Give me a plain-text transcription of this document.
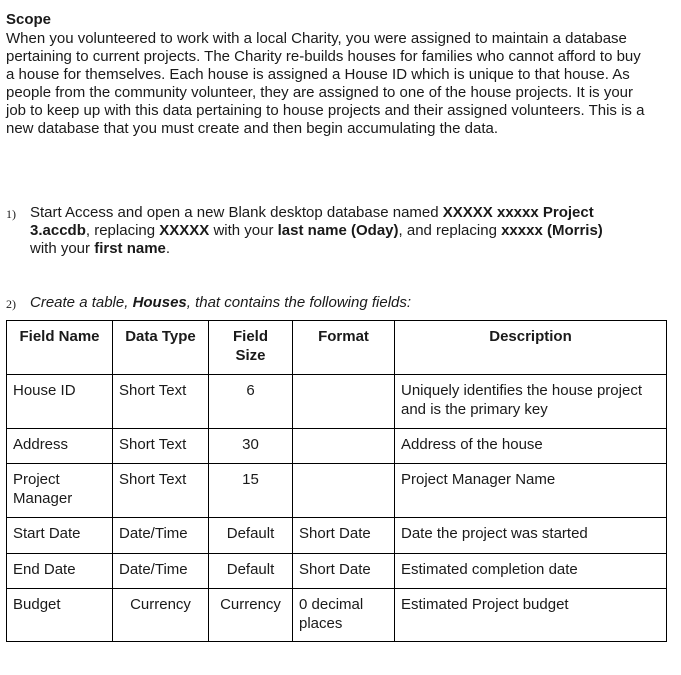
Scope
When you volunteered to work with a local Charity, you were assigned to maintain a database pertaining to current projects. The Charity re-builds houses for families who cannot afford to buy a house for themselves. Each house is assigned a House ID which is unique to that house. As people from the community volunteer, they are assigned to one of the house projects. It is your job to keep up with this data pertaining to house projects and their assigned volunteers. This is a new database that you must create and then begin accumulating the data.
1) Start Access and open a new Blank desktop database named XXXXX xxxxx Project 3.accdb, replacing XXXXX with your last name (Oday), and replacing xxxxx (Morris) with your first name.
2) Create a table, Houses, that contains the following fields:
Field Name	Data Type	Field Size	Format	Description

House ID	Short Text	6		Uniquely identifies the house project and is the primary key

Address	Short Text	30		Address of the house

Project Manager	Short Text	15		Project Manager Name

Start Date	Date/Time	Default	Short Date	Date the project was started

End Date	Date/Time	Default	Short Date	Estimated completion date

Budget	Currency	Currency	0 decimal places	Estimated Project budget
